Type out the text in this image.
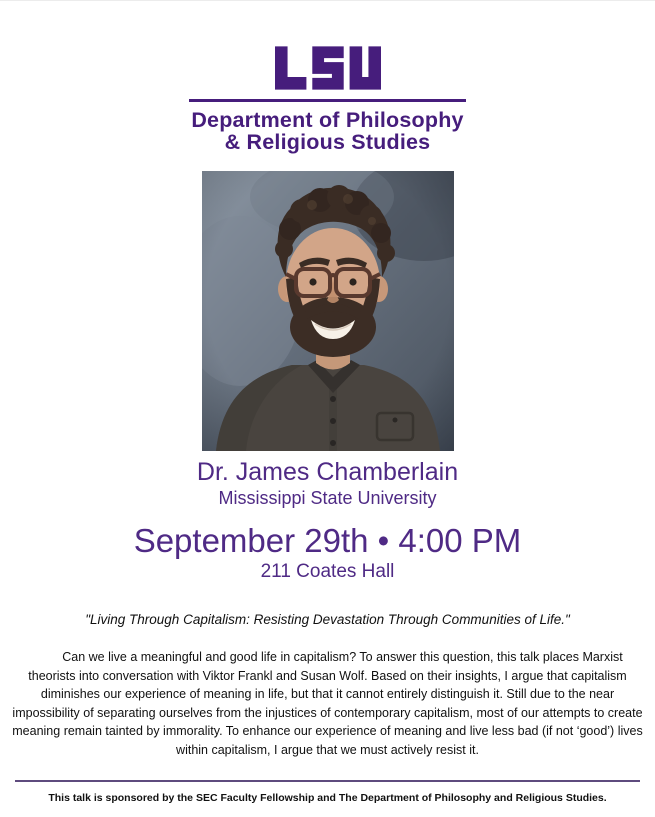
Department of Philosophy
& Religious Studies
Dr. James Chamberlain
Mississippi State University
September 29th • 4:00 PM
211 Coates Hall
"Living Through Capitalism: Resisting Devastation Through Communities of Life."

Can we live a meaningful and good life in capitalism? To answer this question, this talk places Marxist theorists into conversation with Viktor Frankl and Susan Wolf. Based on their insights, I argue that capitalism diminishes our experience of meaning in life, but that it cannot entirely distinguish it. Still due to the near impossibility of separating ourselves from the injustices of contemporary capitalism, most of our attempts to create meaning remain tainted by immorality. To enhance our experience of meaning and live less bad (if not ‘good’) lives within capitalism, I argue that we must actively resist it.

This talk is sponsored by the SEC Faculty Fellowship and The Department of Philosophy and Religious Studies.
